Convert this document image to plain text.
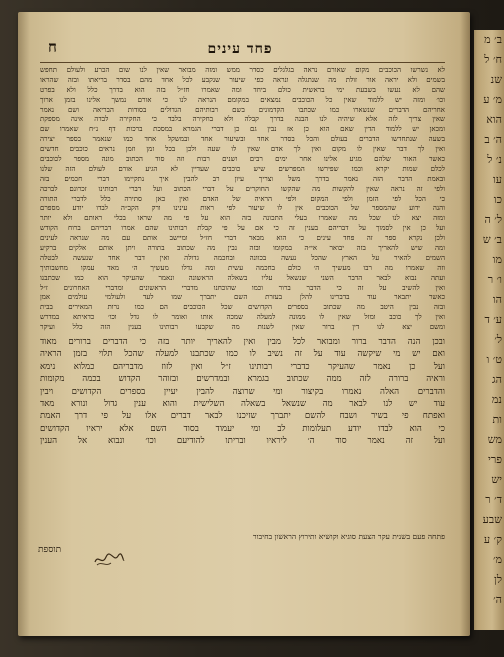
ב׳ מ
ח׳ ל
שנ
מ׳ ע
הוא
ה׳ ב
נ׳ ל
עו
כו
ל׳ ה
ב׳ ש
מו
ו׳ ר
הו
ע׳ ד
ל׳
ט׳ ו
הג
נמ
ות
מש
פרי
יש
ד׳ ר
שבע
ק׳ ע
מ׳
לן
ה׳
פחד עינים
ח
לא נשרשו הכוכבים מקום שאורם נראה בגלגלים כסדר ממש ומזה מבואר שאין לנו שום הכרע ולעולם תחפש
בשמים ולא יראה אור זולת מה שנתגלה ונראה כפי שיעור שנקבע לכל אחד מהם בסדר בריאתו ובזה שהראו
שהם לא נעשו בשבעת ימי בראשית כולם ביחד ומה שאמרו חז״ל בזה הוא בדרך כלל ולא בפרט
וכו׳ ומזה יש ללמוד שאין כל הכוכבים נמצאים במקומם הנראה לנו כי אורם נמשך אלינו בזמן ארוך
אחריהם הדברים שנשארו כמו שכתבו הקדמונים בשם רבותיהם הגדולים בסודות הבריאה ושם נאמר
שאין צריך לזה אלא שיהיה לנו הבנה בדרך קבלה ולא בחקירה בלבד כי החקירה לבדה אינה מספקת
ומכאן יש ללמוד הדין שאם הוא כן אז נבין גם כן דברי הגמרא במסכת ברכות דף נ״ח שאמרו שם
בשעה שנתחדשו הדברים בעולם והכל בסדר אחד ובשיעור אחד ובמשקל אחד כמו שנאמר בספר יצירה
ואין לך דבר שאין לו מקום ואין לך אדם שאין לו שעה ולכן בכל זמן וזמן נראים כוכבים חדשים
כאשר האור שלהם מגיע אלינו אחר ימים רבים ושנים רבות וזה סוד הכתוב מונה מספר לכוכבים
לכלם שמות יקרא וכמו שפירשו המפרשים שיש כוכבים שעדיין לא הגיע אורם לעולם הזה שלנו
ובאמת הדבר הזה נאמר בדרך משל וצריך עיון רב להבין איך נתקיימו דברי חכמים בזה
ולפי זה נראה שאין להקשות מה שהקשו החוקרים על דברי הכתוב ועל דברי רבותינו זכרונם לברכה
כי הכל לפי הזמן ולפי המקום ולפי הראיה של האדם ואין כאן סתירה כלל לדברי התורה
והנה ידוע שהמספר של הכוכבים אין לו שיעור לפי ראות עינינו ורק הקב״ה לבדו יודע מספרם
ומזה יצא לנו שכל מה שאמרו בעלי התכונה בזה הוא על פי מה שראו בכלי ראותם ולא יותר
ועל כן אין לסמוך על דבריהם בענין זה כי אם על פי קבלת רבותינו שהם אמרו דבריהם ברוח הקודש
ולכן נקרא ספר זה פחד עינים כי הוא מבאר דברי חז״ל ומיישב אותם עם מה שנראה לעינים
ומה שיש להאריך בזה יבואר אי״ה במקומו ובזה נבין מה שכתוב בתורה ויתן אותם אלקים ברקיע
השמים להאיר על הארץ שהכל נעשה בכוונה ובחכמה גדולה ואין דבר אחד שנעשה לבטלה
וזה שאמרו מה רבו מעשיך ה׳ כולם בחכמה עשית ומה גדלו מעשיך ה׳ מאד עמקו מחשבותיך
ועתה נבוא לבאר הדבר השני שנשאל עליו בשאלה הראשונה ונאמר שהעיקר הוא כמו שכתבנו
ואין להשיב על זה כי הדבר ברור וכמו שהוכחנו מדברי הראשונים ומדברי האחרונים ז״ל
כאשר יתבאר עוד בדברינו להלן בעזרת השם יתברך שמו לעד ולעולמי עולמים אמן
ובזה נבין היטב מה שכתוב בספרים הקדושים שכל הכוכבים הם כמו נרות המאירים בבית
ואין לך כוכב ומזל שאין לו ממונה למעלה שמכה אותו ואומר לו גדל וכו׳ כדאיתא במדרש
ומשם יצא לנו דין ברור שאין לשנות מה שקבעו רבותינו בענין הזה כלל ועיקר
ובכן הנה הדבר ברור ומבואר לכל מבין ואין להאריך יותר בזה כי הדברים ברורים מאוד
ואם יש מי שיקשה עוד על זה נשיב לו כמו שכתבנו למעלה שהכל תלוי בזמן הראיה
ועל כן נאמר שהעיקר כדברי רבותינו ז״ל ואין לזוז מדבריהם כמלוא נימא
וראיה ברורה לזה ממה שכתוב בגמרא ובמדרשים ובזוהר הקדוש בכמה מקומות
והדברים האלה נאמרו בקיצור ומי שרוצה להבין יעיין בספרים הקדושים ויבין
עוד יש לנו לבאר מה שנשאל בשאלה השלישית והוא ענין גדול ונורא מאד
ואפתח פי בשיר ושבח להשם יתברך שזיכנו לבאר דברים אלו על פי דרך האמת
כי הוא לבדו יודע תעלומות לב ומי יעמוד בסוד השם אלא יראיו הקדושים
ועל זה נאמר סוד ה׳ ליראיו ובריתו להודיעם וכו׳ ונבוא אל הענין
פתחה פעם בשנית עקר הצעת סוגיא וקושיא ותירוץ הראשון בחיבור
תוספת
